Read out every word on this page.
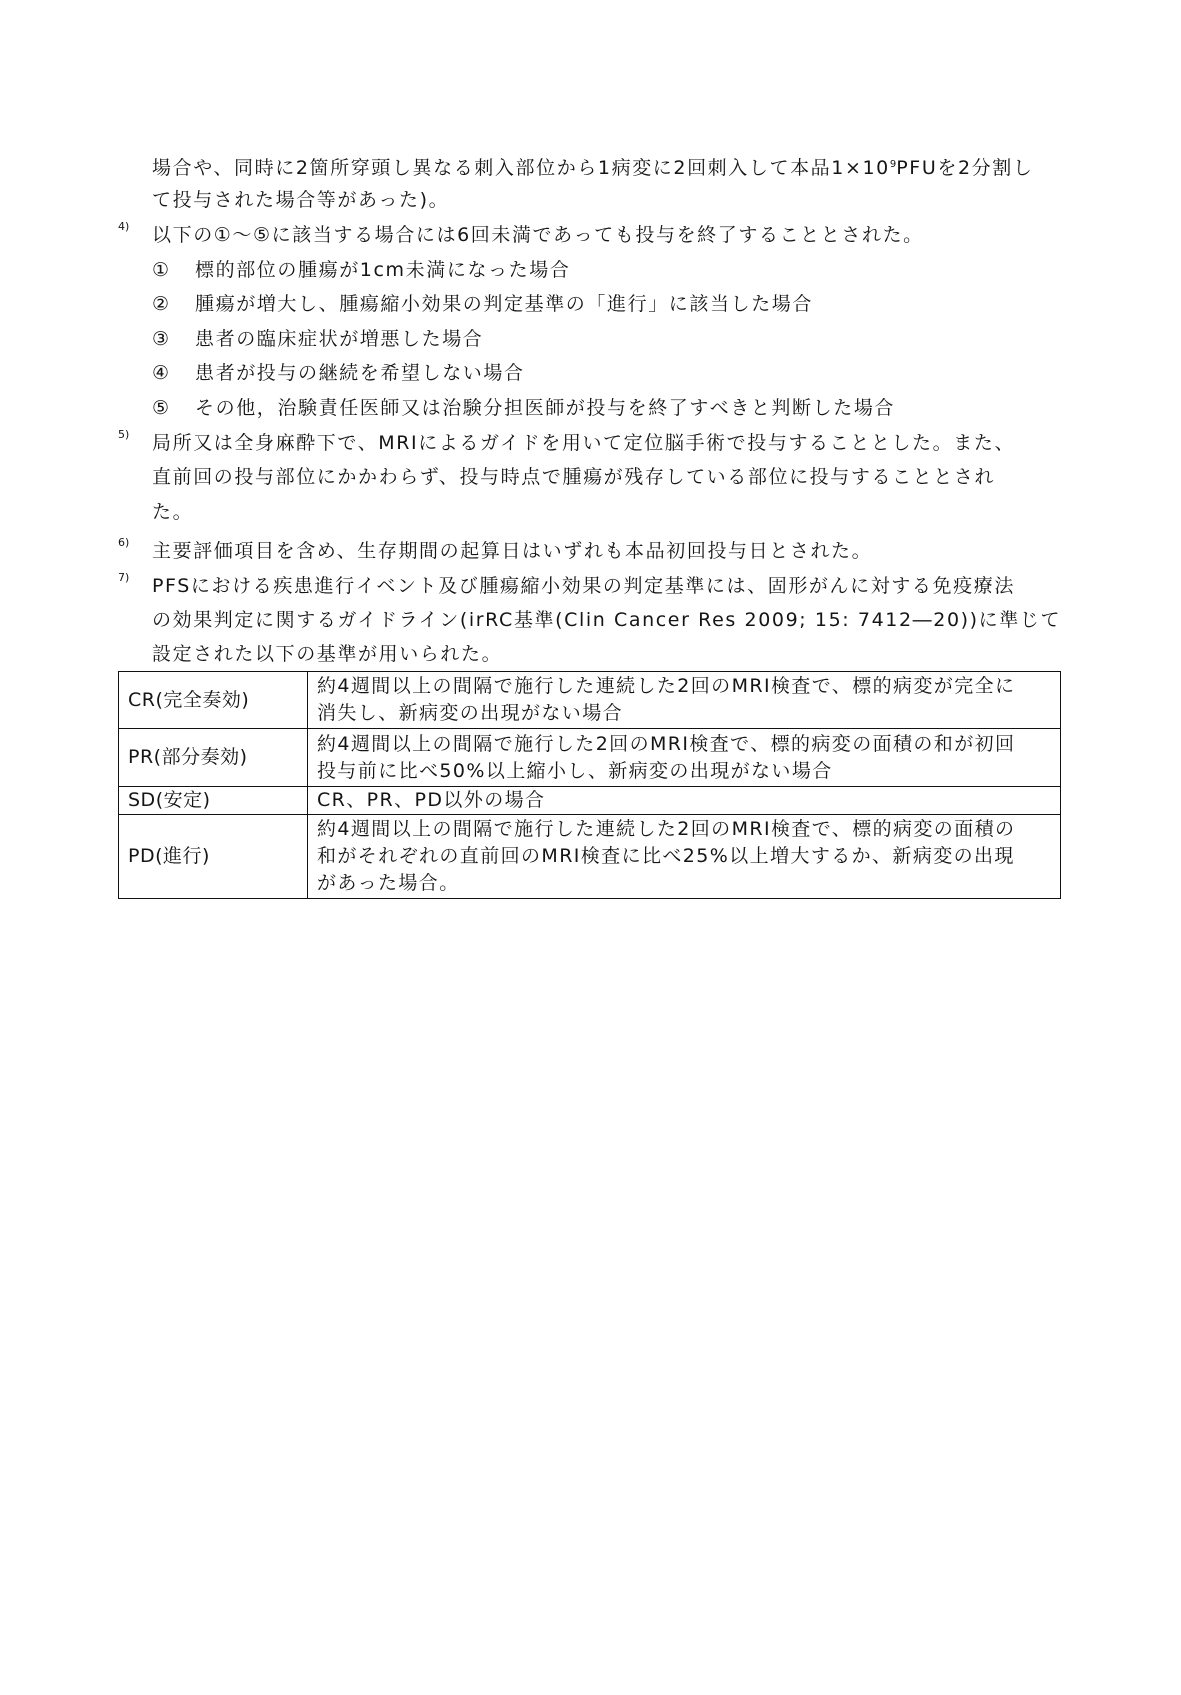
場合や、同時に2箇所穿頭し異なる刺入部位から1病変に2回刺入して本品$1\times 10^9PFU$を2分割し
て投与された場合等があった)。
4) 以下の①～⑤に該当する場合には6回未満であっても投与を終了することとされた。
① 標的部位の腫瘍が1cm未満になった場合
② 腫瘍が増大し、腫瘍縮小効果の判定基準の「進行」に該当した場合
③ 患者の臨床症状が増悪した場合
④ 患者が投与の継続を希望しない場合
⑤ その他，治験責任医師又は治験分担医師が投与を終了すべきと判断した場合
5) 局所又は全身麻酔下で、MRIによるガイドを用いて定位脳手術で投与することとした。また、
直前回の投与部位にかかわらず、投与時点で腫瘍が残存している部位に投与することとされ
た。
6) 主要評価項目を含め、生存期間の起算日はいずれも本品初回投与日とされた。
7) PFSにおける疾患進行イベント及び腫瘍縮小効果の判定基準には、固形がんに対する免疫療法
の効果判定に関するガイドライン(irRC基準(Clin Cancer Res 2009; 15: 7412―20))に準じて
設定された以下の基準が用いられた。
CR(完全奏効)	約4週間以上の間隔で施行した連続した2回のMRI検査で、標的病変が完全に
消失し、新病変の出現がない場合

PR(部分奏効)	約4週間以上の間隔で施行した2回のMRI検査で、標的病変の面積の和が初回
投与前に比べ50%以上縮小し、新病変の出現がない場合

SD(安定)	CR、PR、PD以外の場合

PD(進行)	約4週間以上の間隔で施行した連続した2回のMRI検査で、標的病変の面積の
和がそれぞれの直前回のMRI検査に比べ25%以上増大するか、新病変の出現
があった場合。
